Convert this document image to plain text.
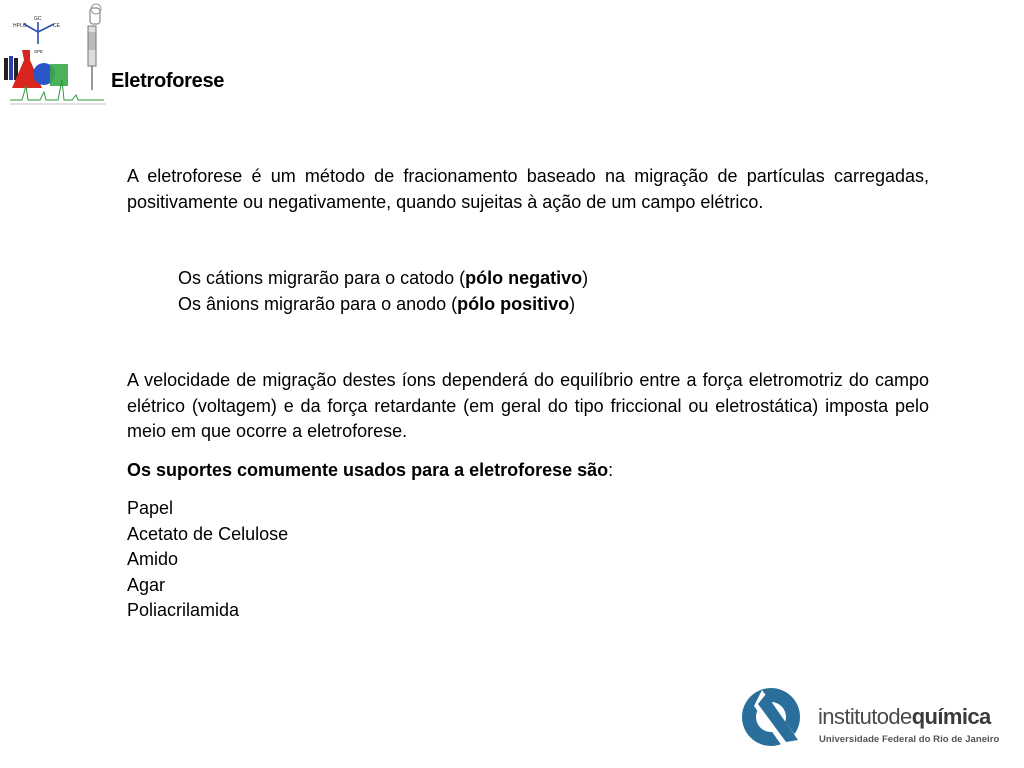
HPLC
GC
CE
SPE
Eletroforese

A eletroforese é um método de fracionamento baseado na migração de partículas carregadas, positivamente ou negativamente, quando sujeitas à ação de um campo elétrico.

Os cátions migrarão para o catodo (pólo negativo)
Os ânions migrarão para o anodo (pólo positivo)

A velocidade de migração destes íons dependerá do equilíbrio entre a força eletromotriz do campo elétrico (voltagem) e da força retardante (em geral do tipo friccional ou eletrostática) imposta pelo meio em que ocorre a eletroforese.

Os suportes comumente usados para a eletroforese são:

Papel
Acetato de Celulose
Amido
Agar
Poliacrilamida
institutodequímica
Universidade Federal do Rio de Janeiro
